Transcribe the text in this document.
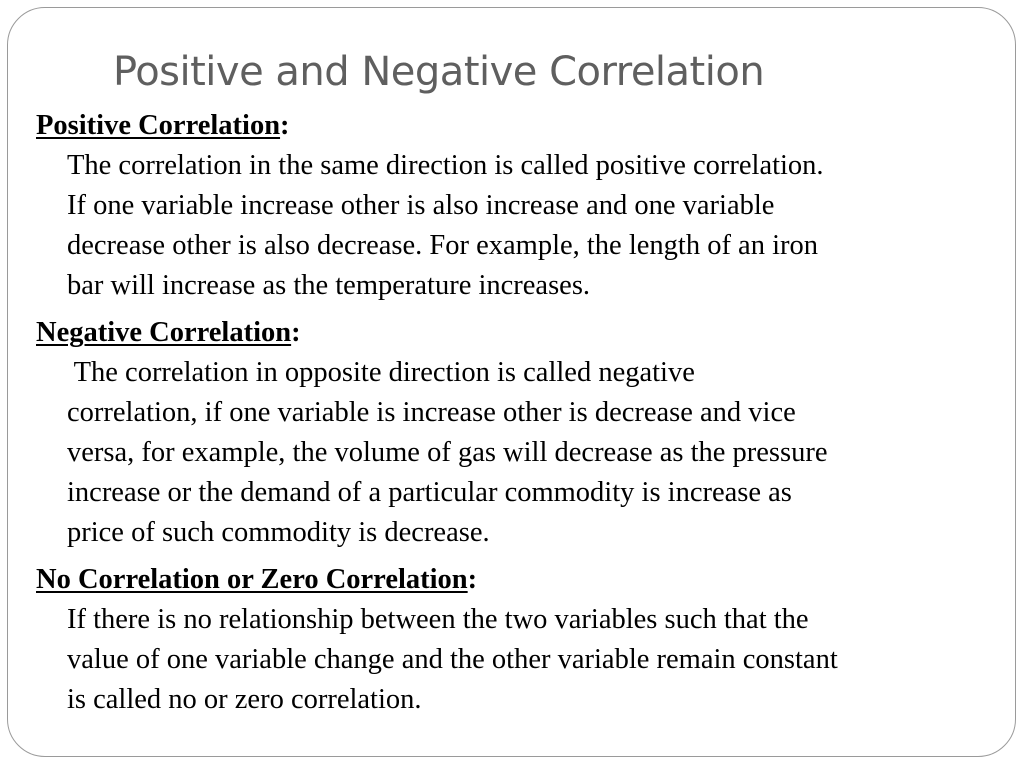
Positive and Negative Correlation

Positive Correlation:

The correlation in the same direction is called positive correlation.
If one variable increase other is also increase and one variable
decrease other is also decrease. For example, the length of an iron
bar will increase as the temperature increases.

Negative Correlation:

The correlation in opposite direction is called negative
correlation, if one variable is increase other is decrease and vice
versa, for example, the volume of gas will decrease as the pressure
increase or the demand of a particular commodity is increase as
price of such commodity is decrease.

No Correlation or Zero Correlation:

If there is no relationship between the two variables such that the
value of one variable change and the other variable remain constant
is called no or zero correlation.
